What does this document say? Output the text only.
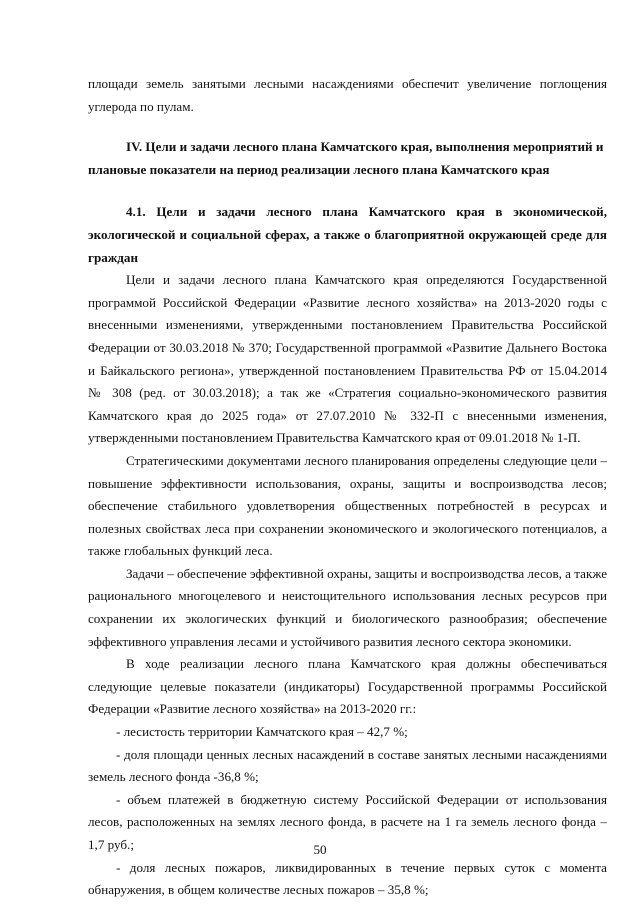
площади земель занятыми лесными насаждениями обеспечит увеличение поглощения углерода по пулам.

IV. Цели и задачи лесного плана Камчатского края, выполнения мероприятий и плановые показатели на период реализации лесного плана Камчатского края
4.1. Цели и задачи лесного плана Камчатского края в экономической, экологической и социальной сферах, а также о благоприятной окружающей среде для граждан

Цели и задачи лесного плана Камчатского края определяются Государственной программой Российской Федерации «Развитие лесного хозяйства» на 2013-2020 годы с внесенными изменениями, утвержденными постановлением Правительства Российской Федерации от 30.03.2018 № 370; Государственной программой «Развитие Дальнего Востока и Байкальского региона», утвержденной постановлением Правительства РФ от 15.04.2014 № 308 (ред. от 30.03.2018); а так же «Стратегия социально-экономического развития Камчатского края до 2025 года» от 27.07.2010 № 332-П с внесенными изменения, утвержденными постановлением Правительства Камчатского края от 09.01.2018 № 1-П.

Стратегическими документами лесного планирования определены следующие цели – повышение эффективности использования, охраны, защиты и воспроизводства лесов; обеспечение стабильного удовлетворения общественных потребностей в ресурсах и полезных свойствах леса при сохранении экономического и экологического потенциалов, а также глобальных функций леса.

Задачи – обеспечение эффективной охраны, защиты и воспроизводства лесов, а также рационального многоцелевого и неистощительного использования лесных ресурсов при сохранении их экологических функций и биологического разнообразия; обеспечение эффективного управления лесами и устойчивого развития лесного сектора экономики.

В ходе реализации лесного плана Камчатского края должны обеспечиваться следующие целевые показатели (индикаторы) Государственной программы Российской Федерации «Развитие лесного хозяйства» на 2013-2020 гг.:

- лесистость территории Камчатского края – 42,7 %;

- доля площади ценных лесных насаждений в составе занятых лесными насаждениями земель лесного фонда -36,8 %;

- объем платежей в бюджетную систему Российской Федерации от использования лесов, расположенных на землях лесного фонда, в расчете на 1 га земель лесного фонда – 1,7 руб.;

- доля лесных пожаров, ликвидированных в течение первых суток с момента обнаружения, в общем количестве лесных пожаров – 35,8 %;

50
